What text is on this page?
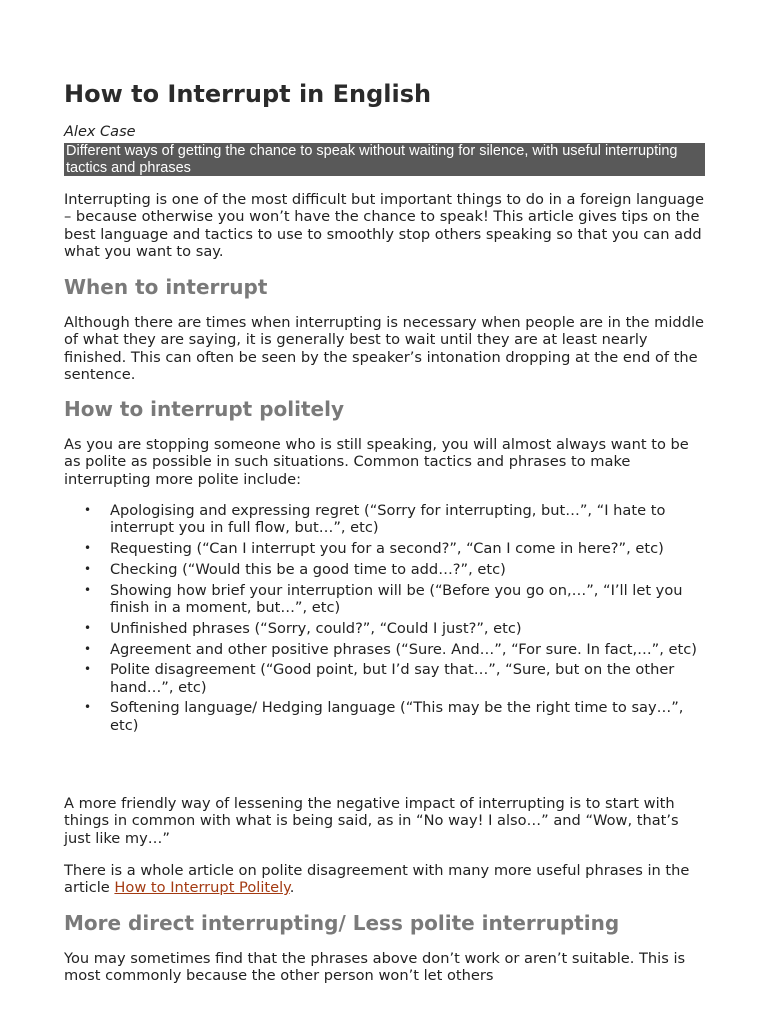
How to Interrupt in English
Alex Case
Different ways of getting the chance to speak without waiting for silence, with useful interrupting tactics and phrases

Interrupting is one of the most difficult but important things to do in a foreign language – because otherwise you won’t have the chance to speak! This article gives tips on the best language and tactics to use to smoothly stop others speaking so that you can add what you want to say.

When to interrupt

Although there are times when interrupting is necessary when people are in the middle of what they are saying, it is generally best to wait until they are at least nearly finished. This can often be seen by the speaker’s intonation dropping at the end of the sentence.

How to interrupt politely

As you are stopping someone who is still speaking, you will almost always want to be as polite as possible in such situations. Common tactics and phrases to make interrupting more polite include:

• Apologising and expressing regret (“Sorry for interrupting, but…”, “I hate to interrupt you in full flow, but…”, etc)
• Requesting (“Can I interrupt you for a second?”, “Can I come in here?”, etc)
• Checking (“Would this be a good time to add…?”, etc)
• Showing how brief your interruption will be (“Before you go on,…”, “I’ll let you finish in a moment, but…”, etc)
• Unfinished phrases (“Sorry, could?”, “Could I just?”, etc)
• Agreement and other positive phrases (“Sure. And…”, “For sure. In fact,…”, etc)
• Polite disagreement (“Good point, but I’d say that…”, “Sure, but on the other hand…”, etc)
• Softening language/ Hedging language (“This may be the right time to say…”, etc)

A more friendly way of lessening the negative impact of interrupting is to start with things in common with what is being said, as in “No way! I also…” and “Wow, that’s just like my…”

There is a whole article on polite disagreement with many more useful phrases in the article How to Interrupt Politely.

More direct interrupting/ Less polite interrupting

You may sometimes find that the phrases above don’t work or aren’t suitable. This is most commonly because the other person won’t let others
